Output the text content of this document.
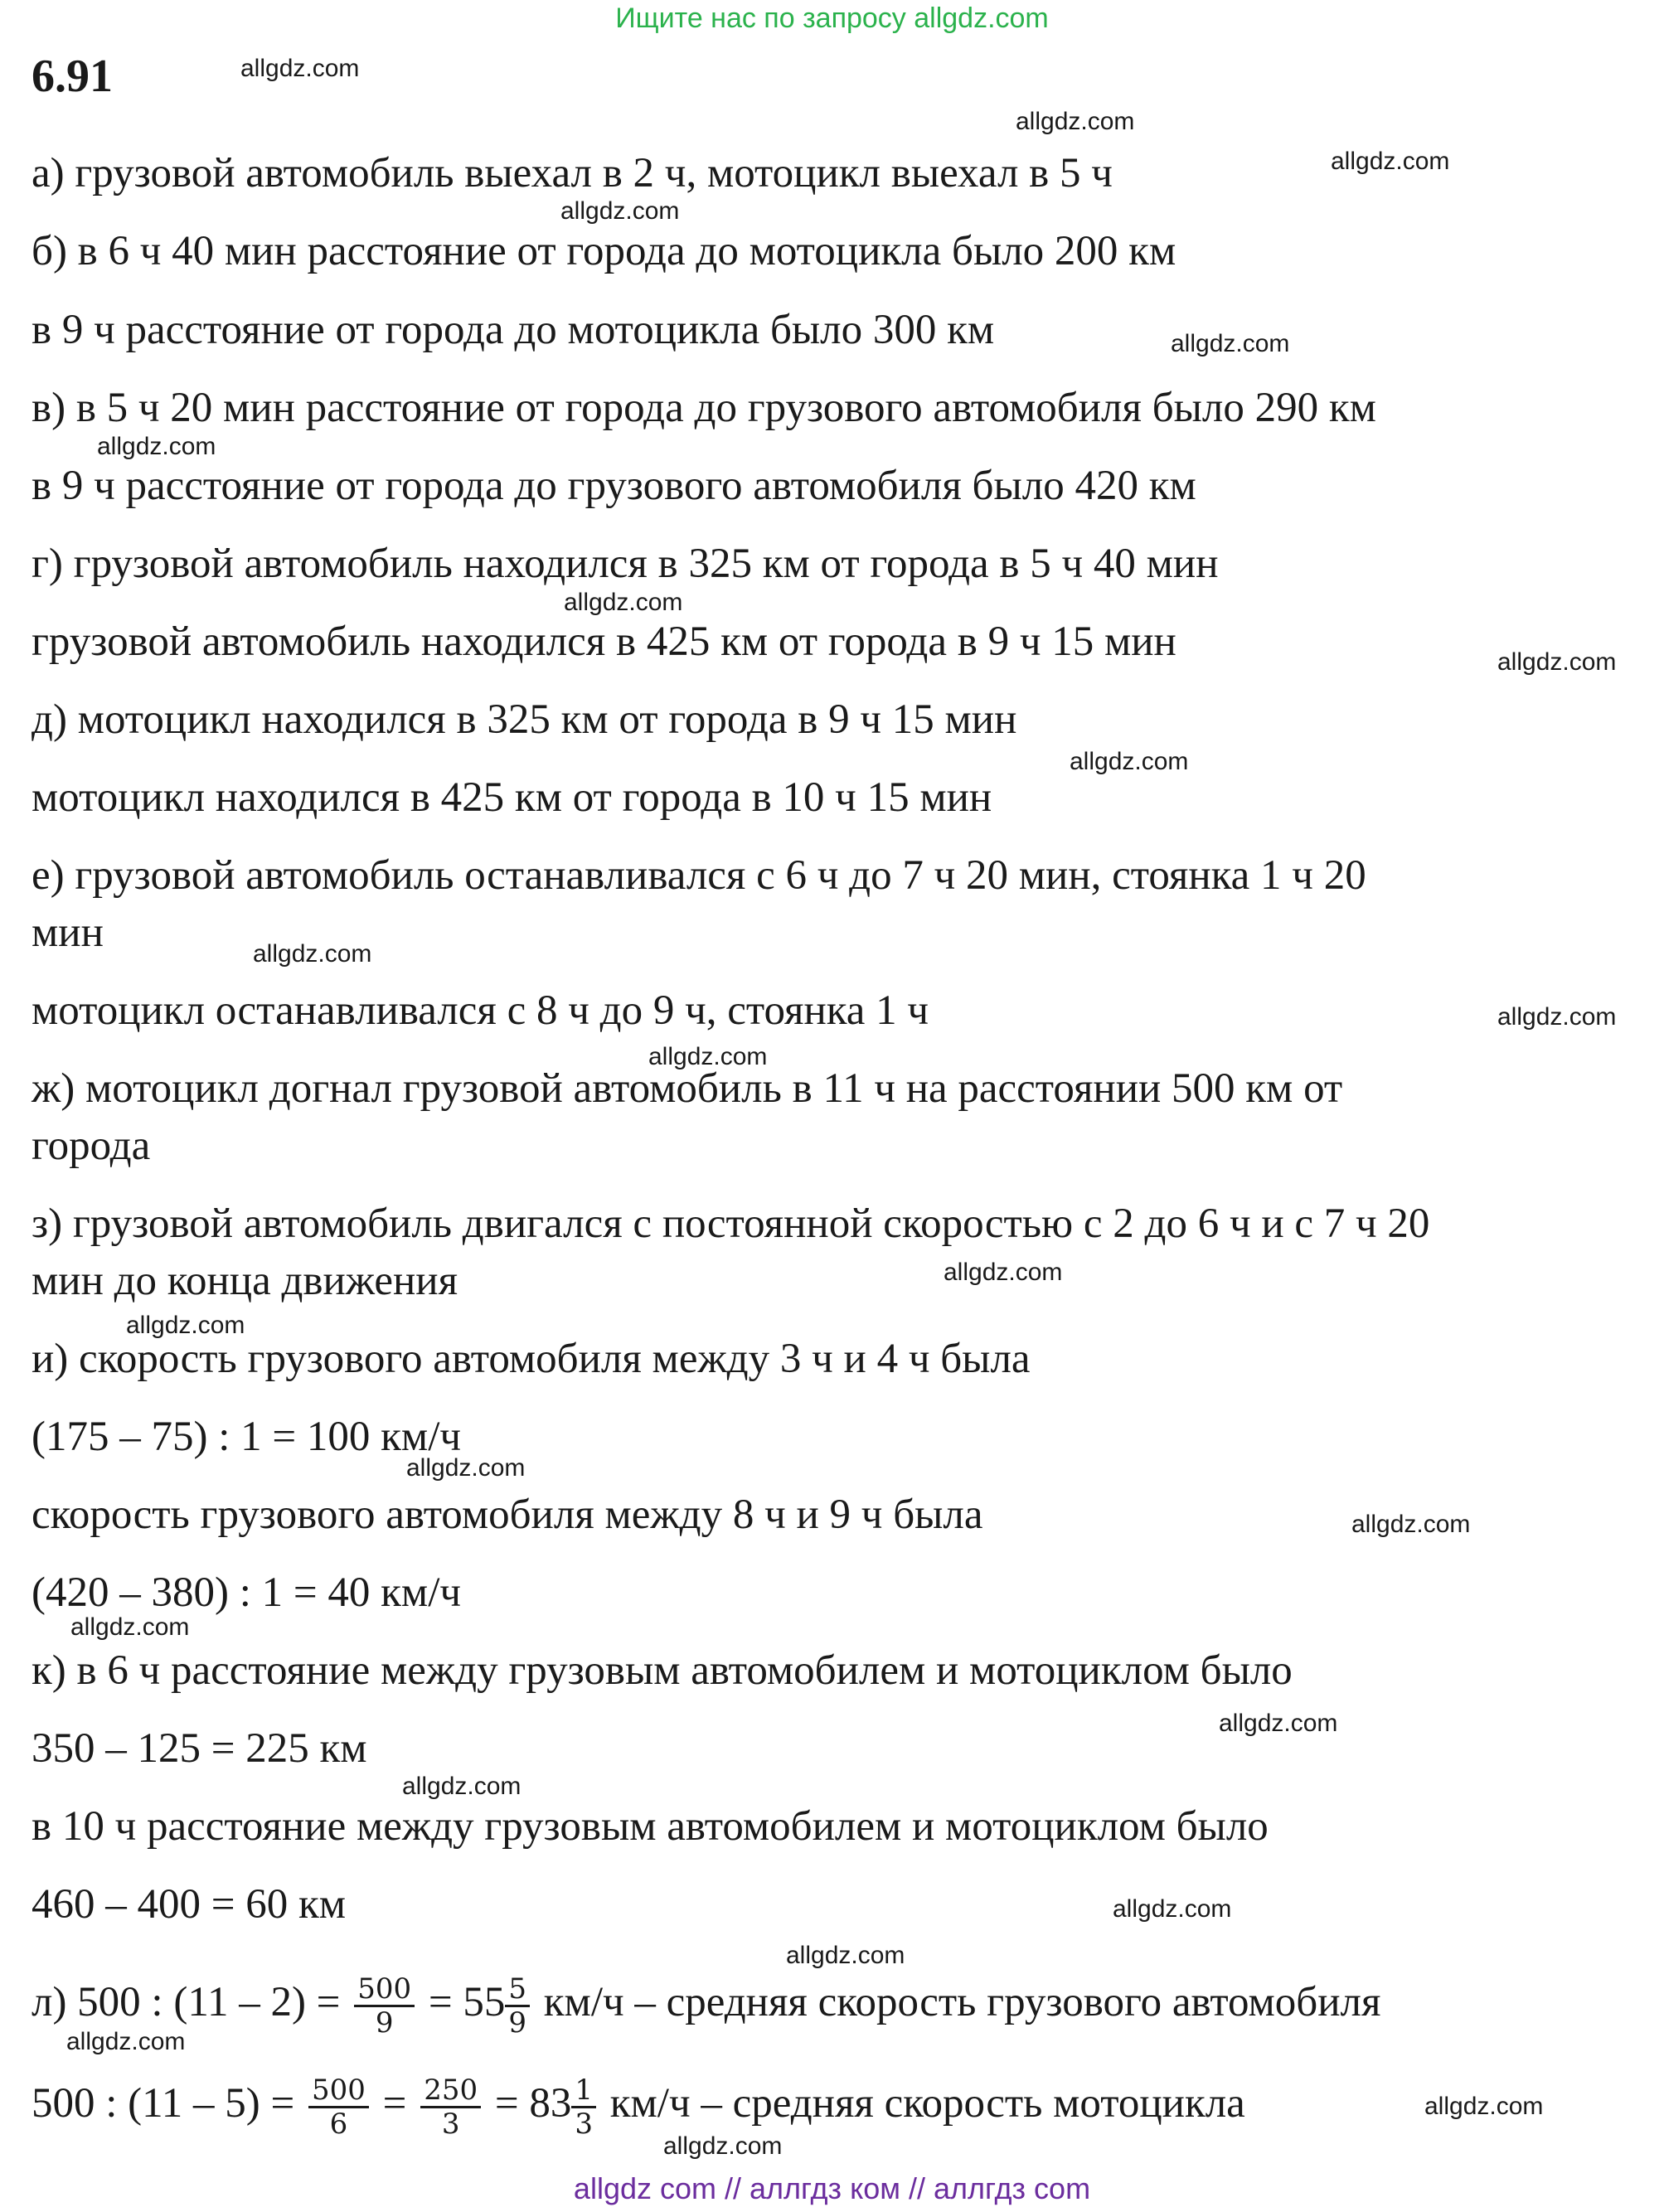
Ищите нас по запросу allgdz.com
6.91	allgdz.com
allgdz.com
allgdz.com
allgdz.com
allgdz.com
allgdz.com
allgdz.com
allgdz.com
allgdz.com
allgdz.com
allgdz.com
allgdz.com
allgdz.com
allgdz.com
allgdz.com
allgdz.com
allgdz.com
allgdz.com
allgdz.com
allgdz.com
allgdz.com
allgdz.com
allgdz.com
allgdz.com
а) грузовой автомобиль выехал в 2 ч, мотоцикл выехал в 5 ч
б) в 6 ч 40 мин расстояние от города до мотоцикла было 200 км
в 9 ч расстояние от города до мотоцикла было 300 км
в) в 5 ч 20 мин расстояние от города до грузового автомобиля было 290 км
в 9 ч расстояние от города до грузового автомобиля было 420 км
г) грузовой автомобиль находился в 325 км от города в 5 ч 40 мин
грузовой автомобиль находился в 425 км от города в 9 ч 15 мин
д) мотоцикл находился в 325 км от города в 9 ч 15 мин
мотоцикл находился в 425 км от города в 10 ч 15 мин
е) грузовой автомобиль останавливался с 6 ч до 7 ч 20 мин, стоянка 1 ч 20
мин
мотоцикл останавливался с 8 ч до 9 ч, стоянка 1 ч
ж) мотоцикл догнал грузовой автомобиль в 11 ч на расстоянии 500 км от
города
з) грузовой автомобиль двигался с постоянной скоростью с 2 до 6 ч и с 7 ч 20
мин до конца движения
и) скорость грузового автомобиля между 3 ч и 4 ч была
(175 – 75) : 1 = 100 км/ч
скорость грузового автомобиля между 8 ч и 9 ч была
(420 – 380) : 1 = 40 км/ч
к) в 6 ч расстояние между грузовым автомобилем и мотоциклом было
350 – 125 = 225 км
в 10 ч расстояние между грузовым автомобилем и мотоциклом было
460 – 400 = 60 км
л) 500 : $(11 - 2) = \frac{500}{9} = 55 \frac{5}{9} км/ч$ – средняя скорость грузового автомобиля
500 : $(11 - 5) = \frac{500}{6} = \frac{250}{3} = 83 \frac{1}{3} км/ч$ – средняя скорость мотоцикла
allgdz com // аллгдз ком // аллгдз com
